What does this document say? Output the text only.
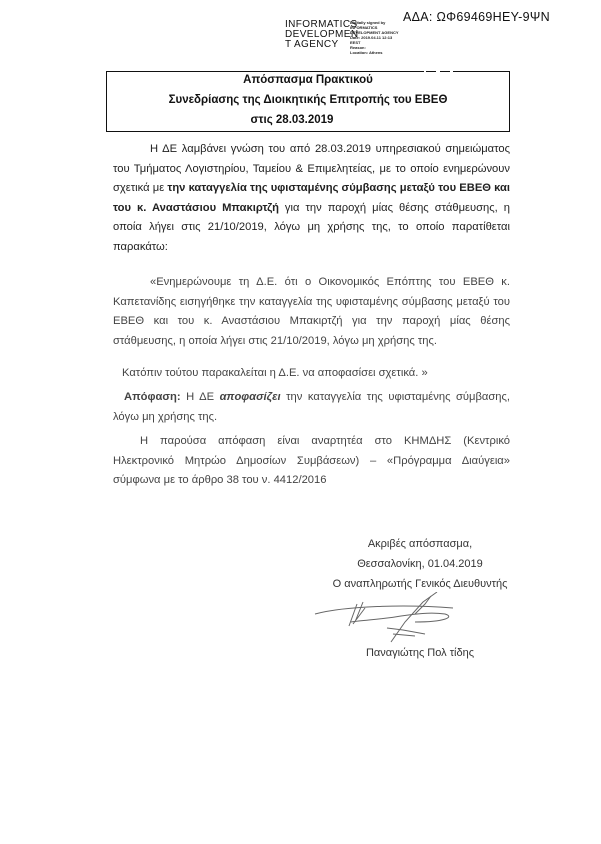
ΑΔΑ: ΩΦ69469ΗΕΥ-9ΨΝ
INFORMATICS
DEVELOPMEN
T AGENCY
Digitally signed by
INFORMATICS
DEVELOPMENT AGENCY
Date: 2019.04.11 12:13
EEST
Reason:
Location: Athens
Απόσπασμα Πρακτικού
Συνεδρίασης της Διοικητικής Επιτροπής του ΕΒΕΘ
στις 28.03.2019
Η ΔΕ λαμβάνει γνώση του από 28.03.2019 υπηρεσιακού σημειώματος του Τμήματος Λογιστηρίου, Ταμείου & Επιμελητείας, με το οποίο ενημερώνουν σχετικά με την καταγγελία της υφισταμένης σύμβασης μεταξύ του ΕΒΕΘ και του κ. Αναστάσιου Μπακιρτζή για την παροχή μίας θέσης στάθμευσης, η οποία λήγει στις 21/10/2019, λόγω μη χρήσης της, το οποίο παρατίθεται παρακάτω:
«Ενημερώνουμε τη Δ.Ε. ότι ο Οικονομικός Επόπτης του ΕΒΕΘ κ. Καπετανίδης εισηγήθηκε την καταγγελία της υφισταμένης σύμβασης μεταξύ του ΕΒΕΘ και του κ. Αναστάσιου Μπακιρτζή για την παροχή μίας θέσης στάθμευσης, η οποία λήγει στις 21/10/2019, λόγω μη χρήσης της.
Κατόπιν τούτου παρακαλείται η Δ.Ε. να αποφασίσει σχετικά. »
Απόφαση: Η ΔΕ αποφασίζει την καταγγελία της υφισταμένης σύμβασης, λόγω μη χρήσης της.
Η παρούσα απόφαση είναι αναρτητέα στο ΚΗΜΔΗΣ (Κεντρικό Ηλεκτρονικό Μητρώο Δημοσίων Συμβάσεων) – «Πρόγραμμα Διαύγεια» σύμφωνα με το άρθρο 38 του ν. 4412/2016
Ακριβές απόσπασμα,
Θεσσαλονίκη, 01.04.2019
Ο αναπληρωτής Γενικός Διευθυντής
Παναγιώτης Πολ τίδης
